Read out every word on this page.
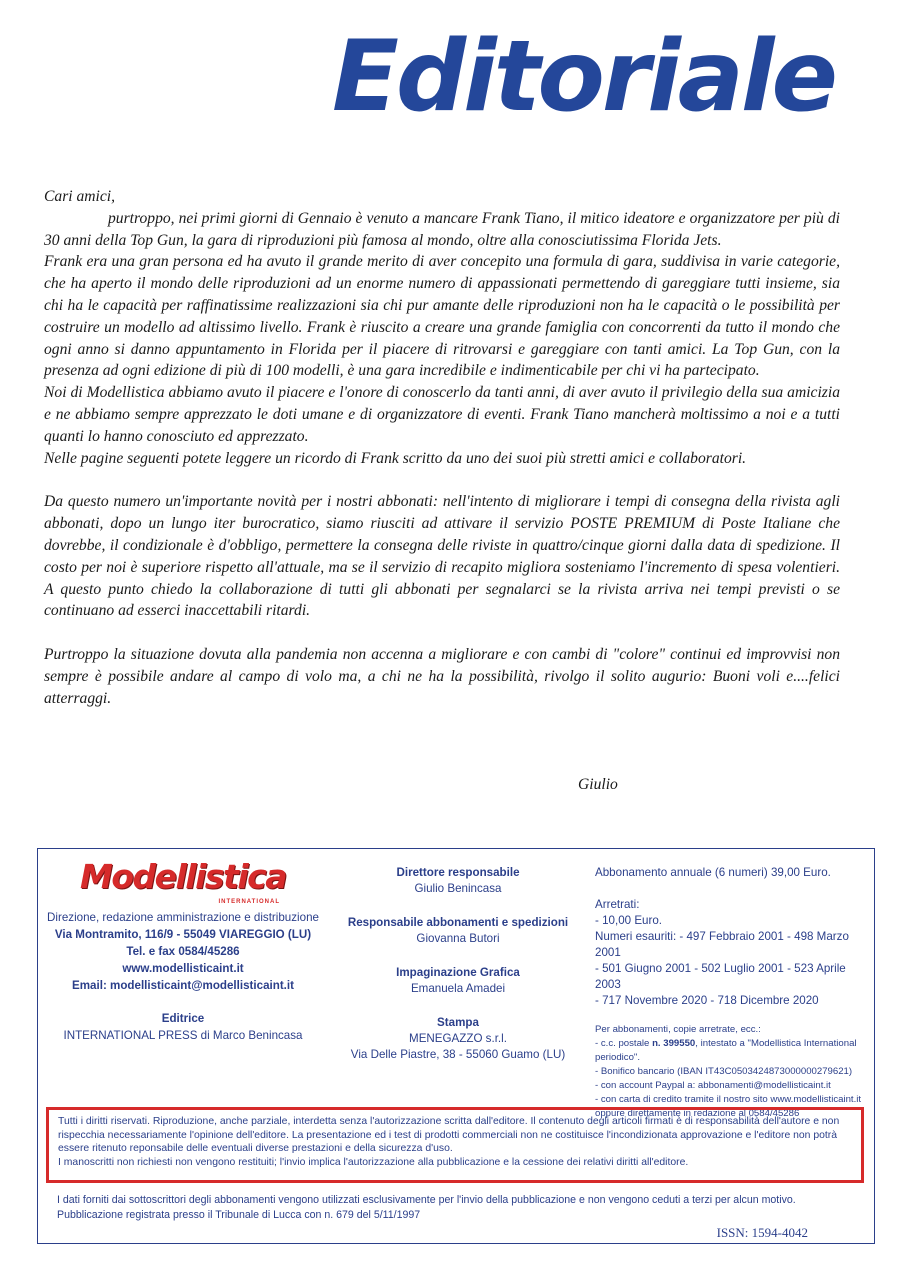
Editoriale

Cari amici,

purtroppo, nei primi giorni di Gennaio è venuto a mancare Frank Tiano, il mitico ideatore e organizzatore per più di 30 anni della Top Gun, la gara di riproduzioni più famosa al mondo, oltre alla conosciutissima Florida Jets.

Frank era una gran persona ed ha avuto il grande merito di aver concepito una formula di gara, suddivisa in varie categorie, che ha aperto il mondo delle riproduzioni ad un enorme numero di appassionati permettendo di gareggiare tutti insieme, sia chi ha le capacità per raffinatissime realizzazioni sia chi pur amante delle riproduzioni non ha le capacità o le possibilità per costruire un modello ad altissimo livello. Frank è riuscito a creare una grande famiglia con concorrenti da tutto il mondo che ogni anno si danno appuntamento in Florida per il piacere di ritrovarsi e gareggiare con tanti amici. La Top Gun, con la presenza ad ogni edizione di più di 100 modelli, è una gara incredibile e indimenticabile per chi vi ha partecipato.

Noi di Modellistica abbiamo avuto il piacere e l'onore di conoscerlo da tanti anni, di aver avuto il privilegio della sua amicizia e ne abbiamo sempre apprezzato le doti umane e di organizzatore di eventi. Frank Tiano mancherà moltissimo a noi e a tutti quanti lo hanno conosciuto ed apprezzato.

Nelle pagine seguenti potete leggere un ricordo di Frank scritto da uno dei suoi più stretti amici e collaboratori.

Da questo numero un'importante novità per i nostri abbonati: nell'intento di migliorare i tempi di consegna della rivista agli abbonati, dopo un lungo iter burocratico, siamo riusciti ad attivare il servizio POSTE PREMIUM di Poste Italiane che dovrebbe, il condizionale è d'obbligo, permettere la consegna delle riviste in quattro/cinque giorni dalla data di spedizione. Il costo per noi è superiore rispetto all'attuale, ma se il servizio di recapito migliora sosteniamo l'incremento di spesa volentieri. A questo punto chiedo la collaborazione di tutti gli abbonati per segnalarci se la rivista arriva nei tempi previsti o se continuano ad esserci inaccettabili ritardi.

Purtroppo la situazione dovuta alla pandemia non accenna a migliorare e con cambi di "colore" continui ed improvvisi non sempre è possibile andare al campo di volo ma, a chi ne ha la possibilità, rivolgo il solito augurio: Buoni voli e....felici atterraggi.

Giulio
Modellistica
INTERNATIONAL
Direzione, redazione amministrazione e distribuzione
Via Montramito, 116/9 - 55049 VIAREGGIO (LU)
Tel. e fax 0584/45286
www.modellisticaint.it
Email: modellisticaint@modellisticaint.it
Editrice
INTERNATIONAL PRESS di Marco Benincasa
Direttore responsabile
Giulio Benincasa
Responsabile abbonamenti e spedizioni
Giovanna Butori
Impaginazione Grafica
Emanuela Amadei
Stampa
MENEGAZZO s.r.l.
Via Delle Piastre, 38 - 55060 Guamo (LU)
Abbonamento annuale (6 numeri) 39,00 Euro.
Arretrati:
- 10,00 Euro.
Numeri esauriti: - 497 Febbraio 2001 - 498 Marzo 2001
- 501 Giugno 2001 - 502 Luglio 2001 - 523 Aprile 2003
- 717 Novembre 2020 - 718 Dicembre 2020
Per abbonamenti, copie arretrate, ecc.:
- c.c. postale n. 399550, intestato a "Modellistica International periodico".
- Bonifico bancario (IBAN IT43C0503424873000000279621)
- con account Paypal a: abbonamenti@modellisticaint.it
- con carta di credito tramite il nostro sito www.modellisticaint.it oppure direttamente in redazione al 0584/45286
Tutti i diritti riservati. Riproduzione, anche parziale, interdetta senza l'autorizzazione scritta dall'editore. Il contenuto degli articoli firmati è di responsabilità dell'autore e non rispecchia necessariamente l'opinione dell'editore. La presentazione ed i test di prodotti commerciali non ne costituisce l'incondizionata approvazione e l'editore non potrà essere ritenuto reponsabile delle eventuali diverse prestazioni e della sicurezza d'uso.
I manoscritti non richiesti non vengono restituiti; l'invio implica l'autorizzazione alla pubblicazione e la cessione dei relativi diritti all'editore.
I dati forniti dai sottoscrittori degli abbonamenti vengono utilizzati esclusivamente per l'invio della pubblicazione e non vengono ceduti a terzi per alcun motivo.
Pubblicazione registrata presso il Tribunale di Lucca con n. 679 del 5/11/1997
ISSN: 1594-4042
